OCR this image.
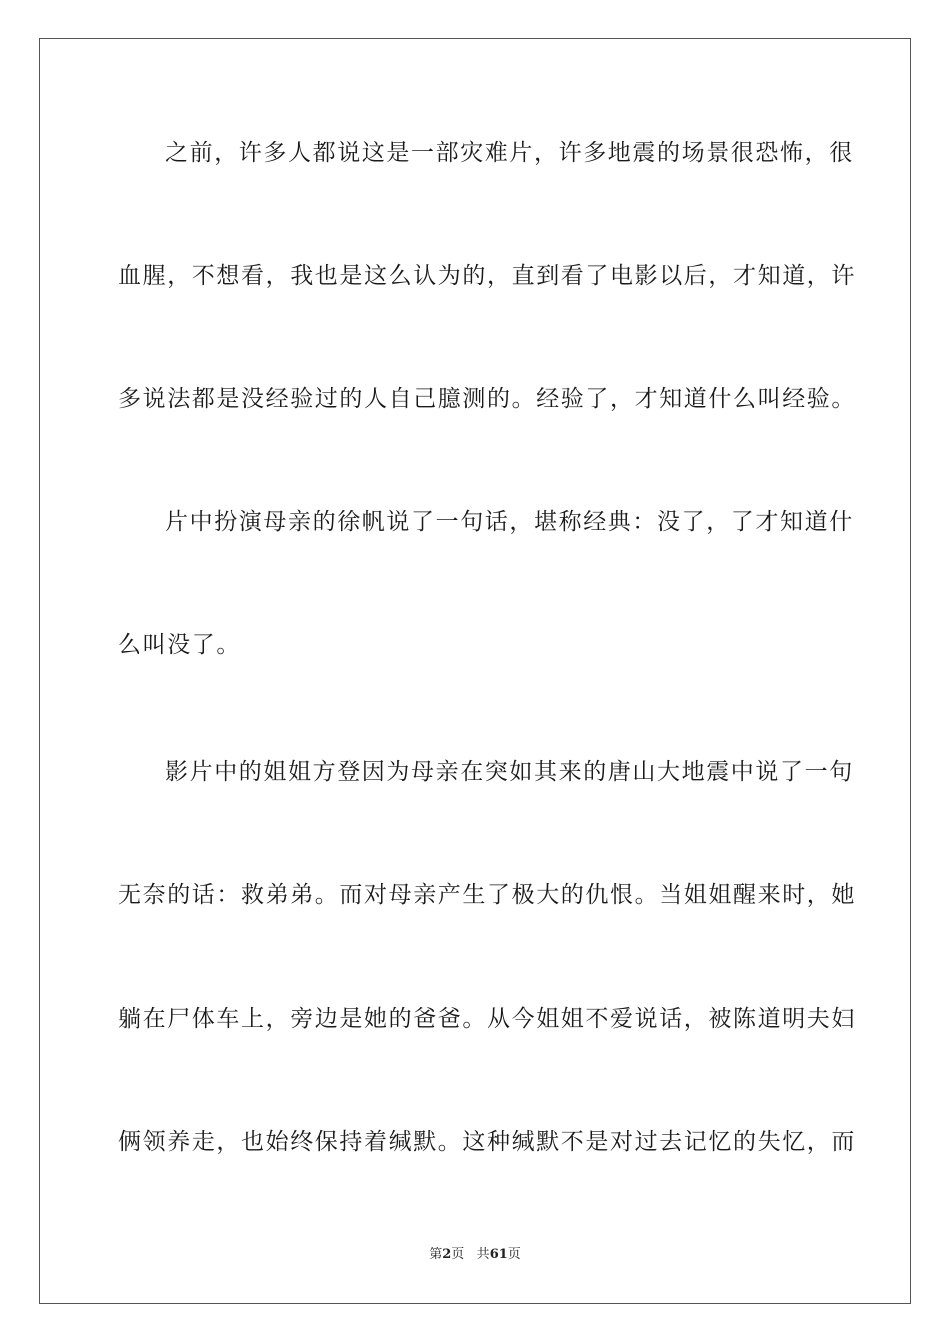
之前，许多人都说这是一部灾难片，许多地震的场景很恐怖，很
血腥，不想看，我也是这么认为的，直到看了电影以后，才知道，许
多说法都是没经验过的人自己臆测的。经验了，才知道什么叫经验。
片中扮演母亲的徐帆说了一句话，堪称经典：没了，了才知道什
么叫没了。
影片中的姐姐方登因为母亲在突如其来的唐山大地震中说了一句
无奈的话：救弟弟。而对母亲产生了极大的仇恨。当姐姐醒来时，她
躺在尸体车上，旁边是她的爸爸。从今姐姐不爱说话，被陈道明夫妇
俩领养走，也始终保持着缄默。这种缄默不是对过去记忆的失忆，而
第2页 共61页
